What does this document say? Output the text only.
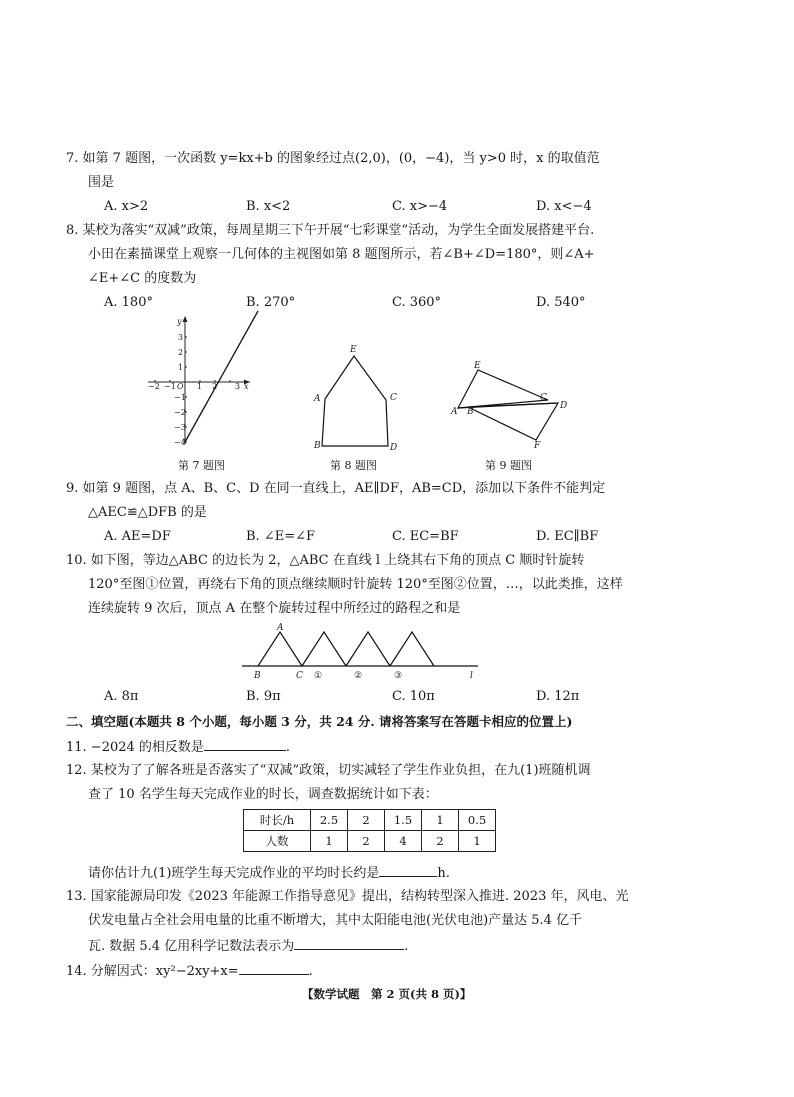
7. 如第 7 题图，一次函数 y=kx+b 的图象经过点(2,0)，(0，−4)，当 y>0 时，x 的取值范
围是
A. x>2	B. x<2	C. x>−4	D. x<−4
8. 某校为落实“双减”政策，每周星期三下午开展“七彩课堂”活动，为学生全面发展搭建平台.
小田在素描课堂上观察一几何体的主视图如第 8 题图所示，若∠B+∠D=180°，则∠A+
∠E+∠C 的度数为
A. 180°	B. 270°	C. 360°	D. 540°
−2 −1 O 1 2 3 x
y
3
2
1
−1
−2
−3
−4
第 7 题图
E
A	C
B	D
第 8 题图
E
A B
C
D
F
第 9 题图
9. 如第 9 题图，点 A、B、C、D 在同一直线上，AE∥DF，AB=CD，添加以下条件不能判定
△AEC≌△DFB 的是
A. AE=DF	B. ∠E=∠F	C. EC=BF	D. EC∥BF
10. 如下图，等边△ABC 的边长为 2，△ABC 在直线 l 上绕其右下角的顶点 C 顺时针旋转
120°至图①位置，再绕右下角的顶点继续顺时针旋转 120°至图②位置，…，以此类推，这样
连续旋转 9 次后，顶点 A 在整个旋转过程中所经过的路程之和是
A
B	C ①	②	③	l
A. 8π	B. 9π	C. 10π	D. 12π
二、填空题(本题共 8 个小题，每小题 3 分，共 24 分. 请将答案写在答题卡相应的位置上)
11. −2024 的相反数是	.
12. 某校为了了解各班是否落实了“双减”政策，切实减轻了学生作业负担，在九(1)班随机调
查了 10 名学生每天完成作业的时长，调查数据统计如下表：
时长/h	2.5	2	1.5	1	0.5
人数	1	2	4	2	1
请你估计九(1)班学生每天完成作业的平均时长约是	h.
13. 国家能源局印发《2023 年能源工作指导意见》提出，结构转型深入推进. 2023 年，风电、光
伏发电量占全社会用电量的比重不断增大，其中太阳能电池(光伏电池)产量达 5.4 亿千
瓦. 数据 5.4 亿用科学记数法表示为	.
14. 分解因式：xy²−2xy+x=	.
【数学试题　第 2 页(共 8 页)】
